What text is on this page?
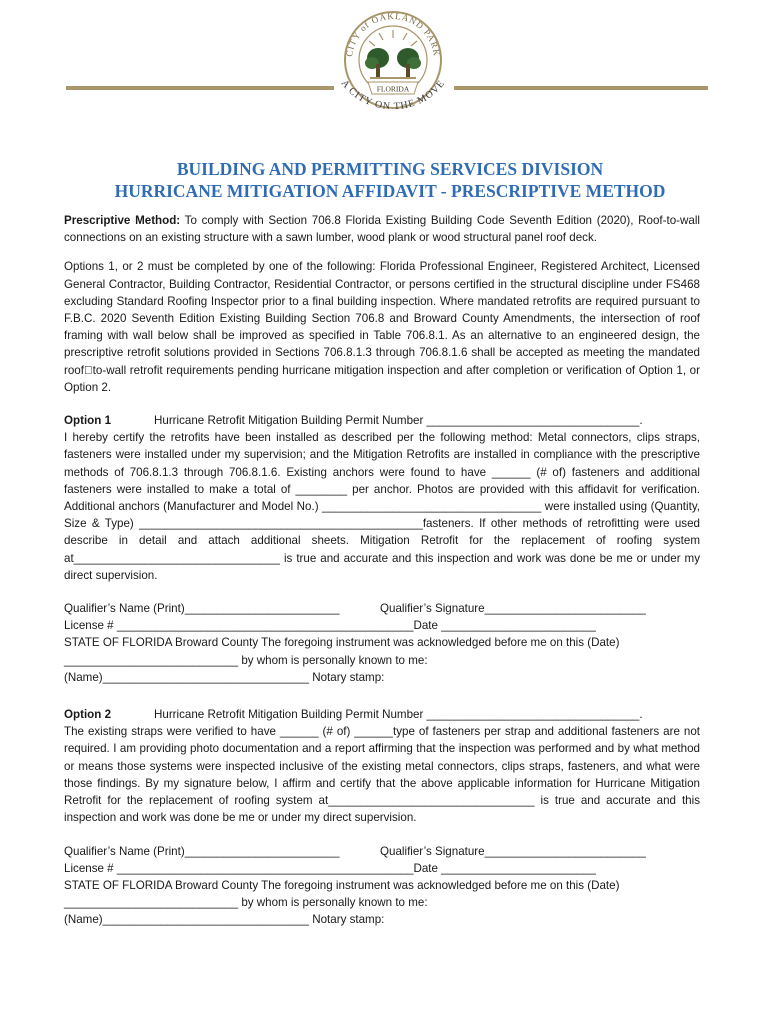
CITY of OAKLAND PARK
FLORIDA
A CITY ON THE MOVE
BUILDING AND PERMITTING SERVICES DIVISION
HURRICANE MITIGATION AFFIDAVIT - PRESCRIPTIVE METHOD

Prescriptive Method: To comply with Section 706.8 Florida Existing Building Code Seventh Edition (2020), Roof-to-wall connections on an existing structure with a sawn lumber, wood plank or wood structural panel roof deck.

Options 1, or 2 must be completed by one of the following: Florida Professional Engineer, Registered Architect, Licensed General Contractor, Building Contractor, Residential Contractor, or persons certified in the structural discipline under FS468 excluding Standard Roofing Inspector prior to a final building inspection. Where mandated retrofits are required pursuant to F.B.C. 2020 Seventh Edition Existing Building Section 706.8 and Broward County Amendments, the intersection of roof framing with wall below shall be improved as specified in Table 706.8.1. As an alternative to an engineered design, the prescriptive retrofit solutions provided in Sections 706.8.1.3 through 706.8.1.6 shall be accepted as meeting the mandated roof to-wall retrofit requirements pending hurricane mitigation inspection and after completion or verification of Option 1, or Option 2.

Option 1	Hurricane Retrofit Mitigation Building Permit Number _________________________________.

I hereby certify the retrofits have been installed as described per the following method: Metal connectors, clips straps, fasteners were installed under my supervision; and the Mitigation Retrofits are installed in compliance with the prescriptive methods of 706.8.1.3 through 706.8.1.6. Existing anchors were found to have ______ (# of) fasteners and additional fasteners were installed to make a total of ________ per anchor. Photos are provided with this affidavit for verification. Additional anchors (Manufacturer and Model No.) __________________________________ were installed using (Quantity, Size & Type) ____________________________________________fasteners. If other methods of retrofitting were used describe in detail and attach additional sheets. Mitigation Retrofit for the replacement of roofing system at________________________________ is true and accurate and this inspection and work was done be me or under my direct supervision.

Qualifier’s Name (Print)________________________	Qualifier’s Signature_________________________
License # ______________________________________________Date ________________________

STATE OF FLORIDA Broward County The foregoing instrument was acknowledged before me on this (Date)

___________________________ by whom is personally known to me:
(Name)________________________________ Notary stamp:

Option 2	Hurricane Retrofit Mitigation Building Permit Number _________________________________.

The existing straps were verified to have ______ (# of) ______type of fasteners per strap and additional fasteners are not required. I am providing photo documentation and a report affirming that the inspection was performed and by what method or means those systems were inspected inclusive of the existing metal connectors, clips straps, fasteners, and what were those findings. By my signature below, I affirm and certify that the above applicable information for Hurricane Mitigation Retrofit for the replacement of roofing system at________________________________ is true and accurate and this inspection and work was done be me or under my direct supervision.

Qualifier’s Name (Print)________________________	Qualifier’s Signature_________________________
License # ______________________________________________Date ________________________

STATE OF FLORIDA Broward County The foregoing instrument was acknowledged before me on this (Date)

___________________________ by whom is personally known to me:
(Name)________________________________ Notary stamp:
